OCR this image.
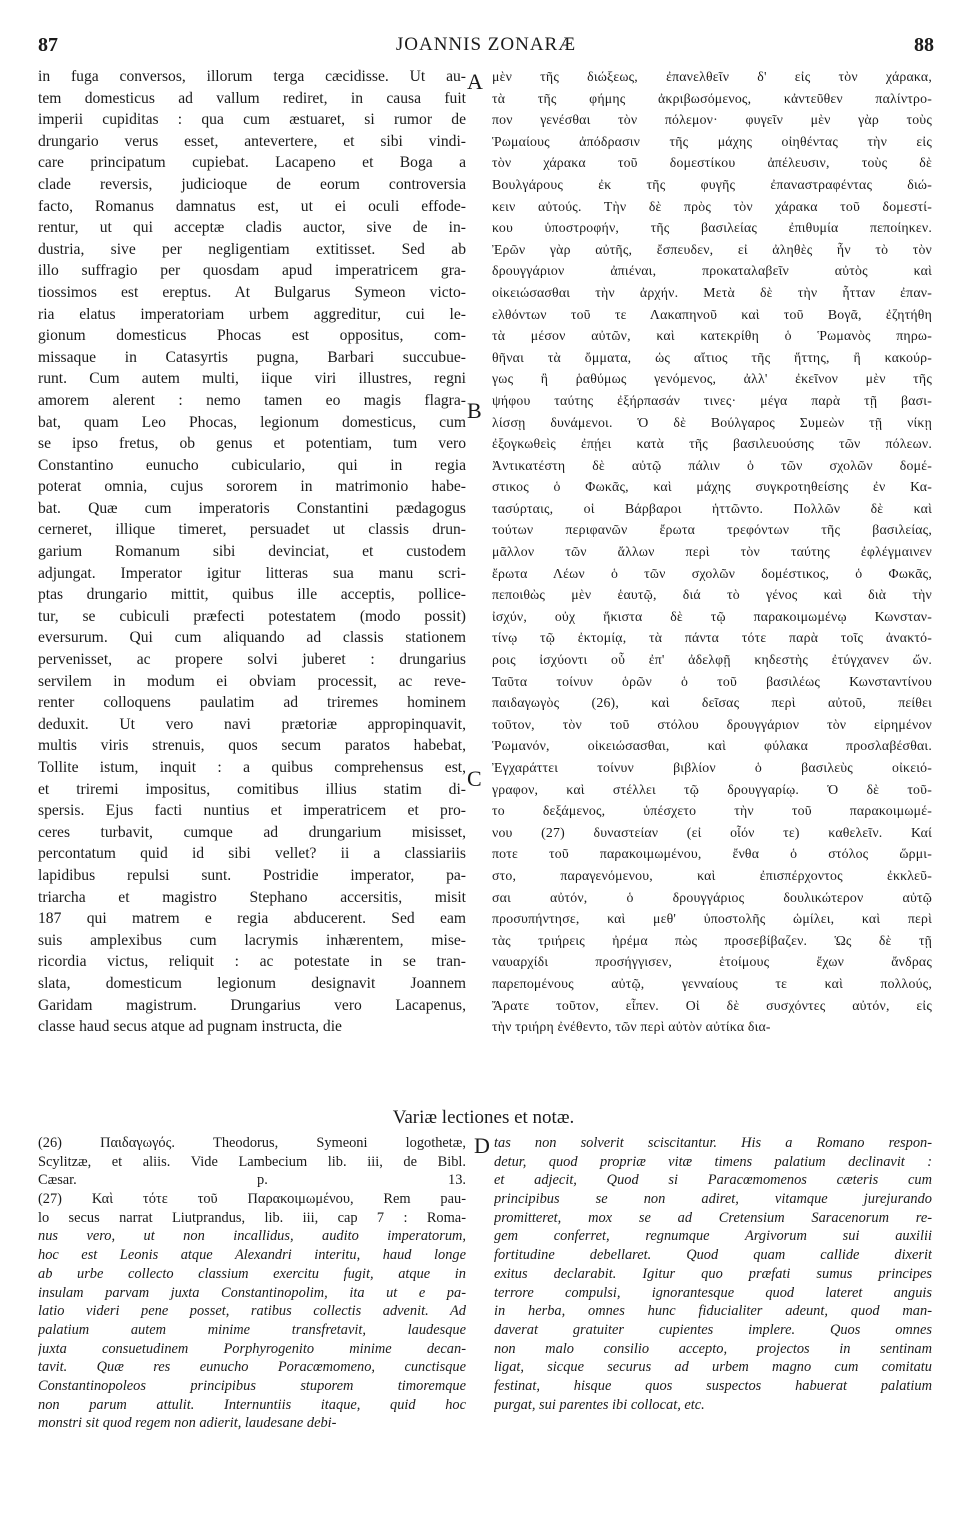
87	JOANNIS ZONARÆ	88
in fuga conversos, illorum terga cæcidisse. Ut au-
tem domesticus ad vallum rediret, in causa fuit
imperii cupiditas : qua cum æstuaret, si rumor de
drungario verus esset, antevertere, et sibi vindi-
care principatum cupiebat. Lacapeno et Boga a
clade reversis, judicioque de eorum controversia
facto, Romanus damnatus est, ut ei oculi effode-
rentur, ut qui acceptæ cladis auctor, sive de in-
dustria, sive per negligentiam extitisset. Sed ab
illo suffragio per quosdam apud imperatricem gra-
tiossimos est ereptus. At Bulgarus Symeon victo-
ria elatus imperatoriam urbem aggreditur, cui le-
gionum domesticus Phocas est oppositus, com-
missaque in Catasyrtis pugna, Barbari succubue-
runt. Cum autem multi, iique viri illustres, regni
amorem alerent : nemo tamen eo magis flagra-
bat, quam Leo Phocas, legionum domesticus, cum
se ipso fretus, ob genus et potentiam, tum vero
Constantino eunucho cubiculario, qui in regia
poterat omnia, cujus sororem in matrimonio habe-
bat. Quæ cum imperatoris Constantini pædagogus
cerneret, illique timeret, persuadet ut classis drun-
garium Romanum sibi devinciat, et custodem
adjungat. Imperator igitur litteras sua manu scri-
ptas drungario mittit, quibus ille acceptis, pollice-
tur, se cubiculi præfecti potestatem (modo possit)
eversurum. Qui cum aliquando ad classis stationem
pervenisset, ac propere solvi juberet : drungarius
servilem in modum ei obviam processit, ac reve-
renter colloquens paulatim ad triremes hominem
deduxit. Ut vero navi prætoriæ appropinquavit,
multis viris strenuis, quos secum paratos habebat,
Tollite istum, inquit : a quibus comprehensus est,
et triremi impositus, comitibus illius statim di-
spersis. Ejus facti nuntius et imperatricem et pro-
ceres turbavit, cumque ad drungarium misisset,
percontatum quid id sibi vellet? ii a classiariis
lapidibus repulsi sunt. Postridie imperator, pa-
triarcha et magistro Stephano accersitis, misit
187 qui matrem e regia abducerent. Sed eam
suis amplexibus cum lacrymis inhærentem, mise-
ricordia victus, reliquit : ac potestate in se tran-
slata, domesticum legionum designavit Joannem
Garidam magistrum. Drungarius vero Lacapenus,
classe haud secus atque ad pugnam instructa, die
A
B
C
D
μὲν τῆς διώξεως, ἐπανελθεῖν δ' εἰς τὸν χάρακα,
τὰ τῆς φήμης ἀκριβωσόμενος, κἀντεῦθεν παλίντρο-
πον γενέσθαι τὸν πόλεμον· φυγεῖν μὲν γὰρ τοὺς
Ῥωμαίους ἀπόδρασιν τῆς μάχης οἰηθέντας τὴν εἰς
τὸν χάρακα τοῦ δομεστίκου ἀπέλευσιν, τοὺς δὲ
Βουλγάρους ἐκ τῆς φυγῆς ἐπαναστραφέντας διώ-
κειν αὐτούς. Τὴν δὲ πρὸς τὸν χάρακα τοῦ δομεστί-
κου ὑποστροφήν, τῆς βασιλείας ἐπιθυμία πεποίηκεν.
Ἐρῶν γὰρ αὐτῆς, ἔσπευδεν, εἰ ἀληθὲς ἦν τὸ τὸν
δρουγγάριον ἀπιέναι, προκαταλαβεῖν αὐτὸς καὶ
οἰκειώσασθαι τὴν ἀρχήν. Μετὰ δὲ τὴν ἧτταν ἐπαν-
ελθόντων τοῦ τε Λακαπηνοῦ καὶ τοῦ Βογᾶ, ἐζητήθη
τὰ μέσον αὐτῶν, καὶ κατεκρίθη ὁ Ῥωμανὸς πηρω-
θῆναι τὰ ὄμματα, ὡς αἴτιος τῆς ἥττης, ἢ κακούρ-
γως ἢ ῥαθύμως γενόμενος, ἀλλ' ἐκεῖνον μὲν τῆς
ψήφου ταύτης ἐξήρπασάν τινες· μέγα παρὰ τῇ βασι-
λίσσῃ δυνάμενοι. Ὁ δὲ Βούλγαρος Συμεὼν τῇ νίκῃ
ἐξογκωθεὶς ἐπῄει κατὰ τῆς βασιλευούσης τῶν πόλεων.
Ἀντικατέστη δὲ αὐτῷ πάλιν ὁ τῶν σχολῶν δομέ-
στικος ὁ Φωκᾶς, καὶ μάχης συγκροτηθείσης ἐν Κα-
τασύρταις, οἱ Βάρβαροι ἡττῶντο. Πολλῶν δὲ καὶ
τούτων περιφανῶν ἔρωτα τρεφόντων τῆς βασιλείας,
μᾶλλον τῶν ἄλλων περὶ τὸν ταύτης ἐφλέγμαινεν
ἔρωτα Λέων ὁ τῶν σχολῶν δομέστικος, ὁ Φωκᾶς,
πεποιθὼς μὲν ἑαυτῷ, διά τὸ γένος καὶ διὰ τὴν
ἰσχύν, οὐχ ἥκιστα δὲ τῷ παρακοιμωμένῳ Κωνσταν-
τίνῳ τῷ ἐκτομίᾳ, τὰ πάντα τότε παρὰ τοῖς ἀνακτό-
ροις ἰσχύοντι οὗ ἐπ' ἀδελφῇ κηδεστὴς ἐτύγχανεν ὤν.
Ταῦτα τοίνυν ὁρῶν ὁ τοῦ βασιλέως Κωνσταντίνου
παιδαγωγὸς (26), καὶ δεῖσας περὶ αὐτοῦ, πείθει
τοῦτον, τὸν τοῦ στόλου δρουγγάριον τὸν εἰρημένον
Ῥωμανόν, οἰκειώσασθαι, καὶ φύλακα προσλαβέσθαι.
Ἐγχαράττει τοίνυν βιβλίον ὁ βασιλεὺς οἰκειό-
γραφον, καὶ στέλλει τῷ δρουγγαρίῳ. Ὁ δὲ τοῦ-
το δεξάμενος, ὑπέσχετο τὴν τοῦ παρακοιμωμέ-
νου (27) δυναστείαν (εἰ οἷόν τε) καθελεῖν. Καί
ποτε τοῦ παρακοιμωμένου, ἔνθα ὁ στόλος ὥρμι-
στο, παραγενόμενου, καὶ ἐπισπέρχοντος ἐκκλεῦ-
σαι αὐτόν, ὁ δρουγγάριος δουλικώτερον αὐτῷ
προσυπήντησε, καὶ μεθ' ὑποστολῆς ὡμίλει, καὶ περὶ
τὰς τριήρεις ἠρέμα πὼς προσεβίβαζεν. Ὡς δὲ τῇ
ναυαρχίδι προσήγγισεν, ἑτοίμους ἔχων ἄνδρας
παρεπομένους αὐτῷ, γενναίους τε καὶ πολλούς,
Ἄρατε τοῦτον, εἶπεν. Οἱ δὲ συσχόντες αὐτόν, εἰς
τὴν τριήρη ἐνέθεντο, τῶν περὶ αὐτὸν αὐτίκα δια-
Variæ lectiones et notæ.
(26) Παιδαγωγός. Theodorus, Symeoni logothetæ,
Scylitzæ, et aliis. Vide Lambecium lib. iii, de Bibl.
Cæsar. p. 13.
(27) Καὶ τότε τοῦ Παρακοιμωμένου, Rem pau-
lo secus narrat Liutprandus, lib. iii, cap 7 : Roma-
nus vero, ut non incallidus, audito imperatorum,
hoc est Leonis atque Alexandri interitu, haud longe
ab urbe collecto classium exercitu fugit, atque in
insulam parvam juxta Constantinopolim, ita ut e pa-
latio videri pene posset, ratibus collectis advenit. Ad
palatium autem minime transfretavit, laudesque
juxta consuetudinem Porphyrogenito minime decan-
tavit. Quæ res eunucho Poracœmomeno, cunctisque
Constantinopoleos principibus stuporem timoremque
non parum attulit. Internuntiis itaque, quid hoc
monstri sit quod regem non adierit, laudesane debi-
tas non solverit sciscitantur. His a Romano respon-
detur, quod propriæ vitæ timens palatium declinavit :
et adjecit, Quod si Paracœmomenos cæteris cum
principibus se non adiret, vitamque jurejurando
promitteret, mox se ad Cretensium Saracenorum re-
gem conferret, regnumque Argivorum sui auxilii
fortitudine debellaret. Quod quam callide dixerit
exitus declarabit. Igitur quo præfati sumus principes
terrore compulsi, ignorantesque quod lateret anguis
in herba, omnes hunc fiducialiter adeunt, quod man-
daverat gratuiter cupientes implere. Quos omnes
non malo consilio accepto, projectos in sentinam
ligat, sicque securus ad urbem magno cum comitatu
festinat, hisque quos suspectos habuerat palatium
purgat, sui parentes ibi collocat, etc.
